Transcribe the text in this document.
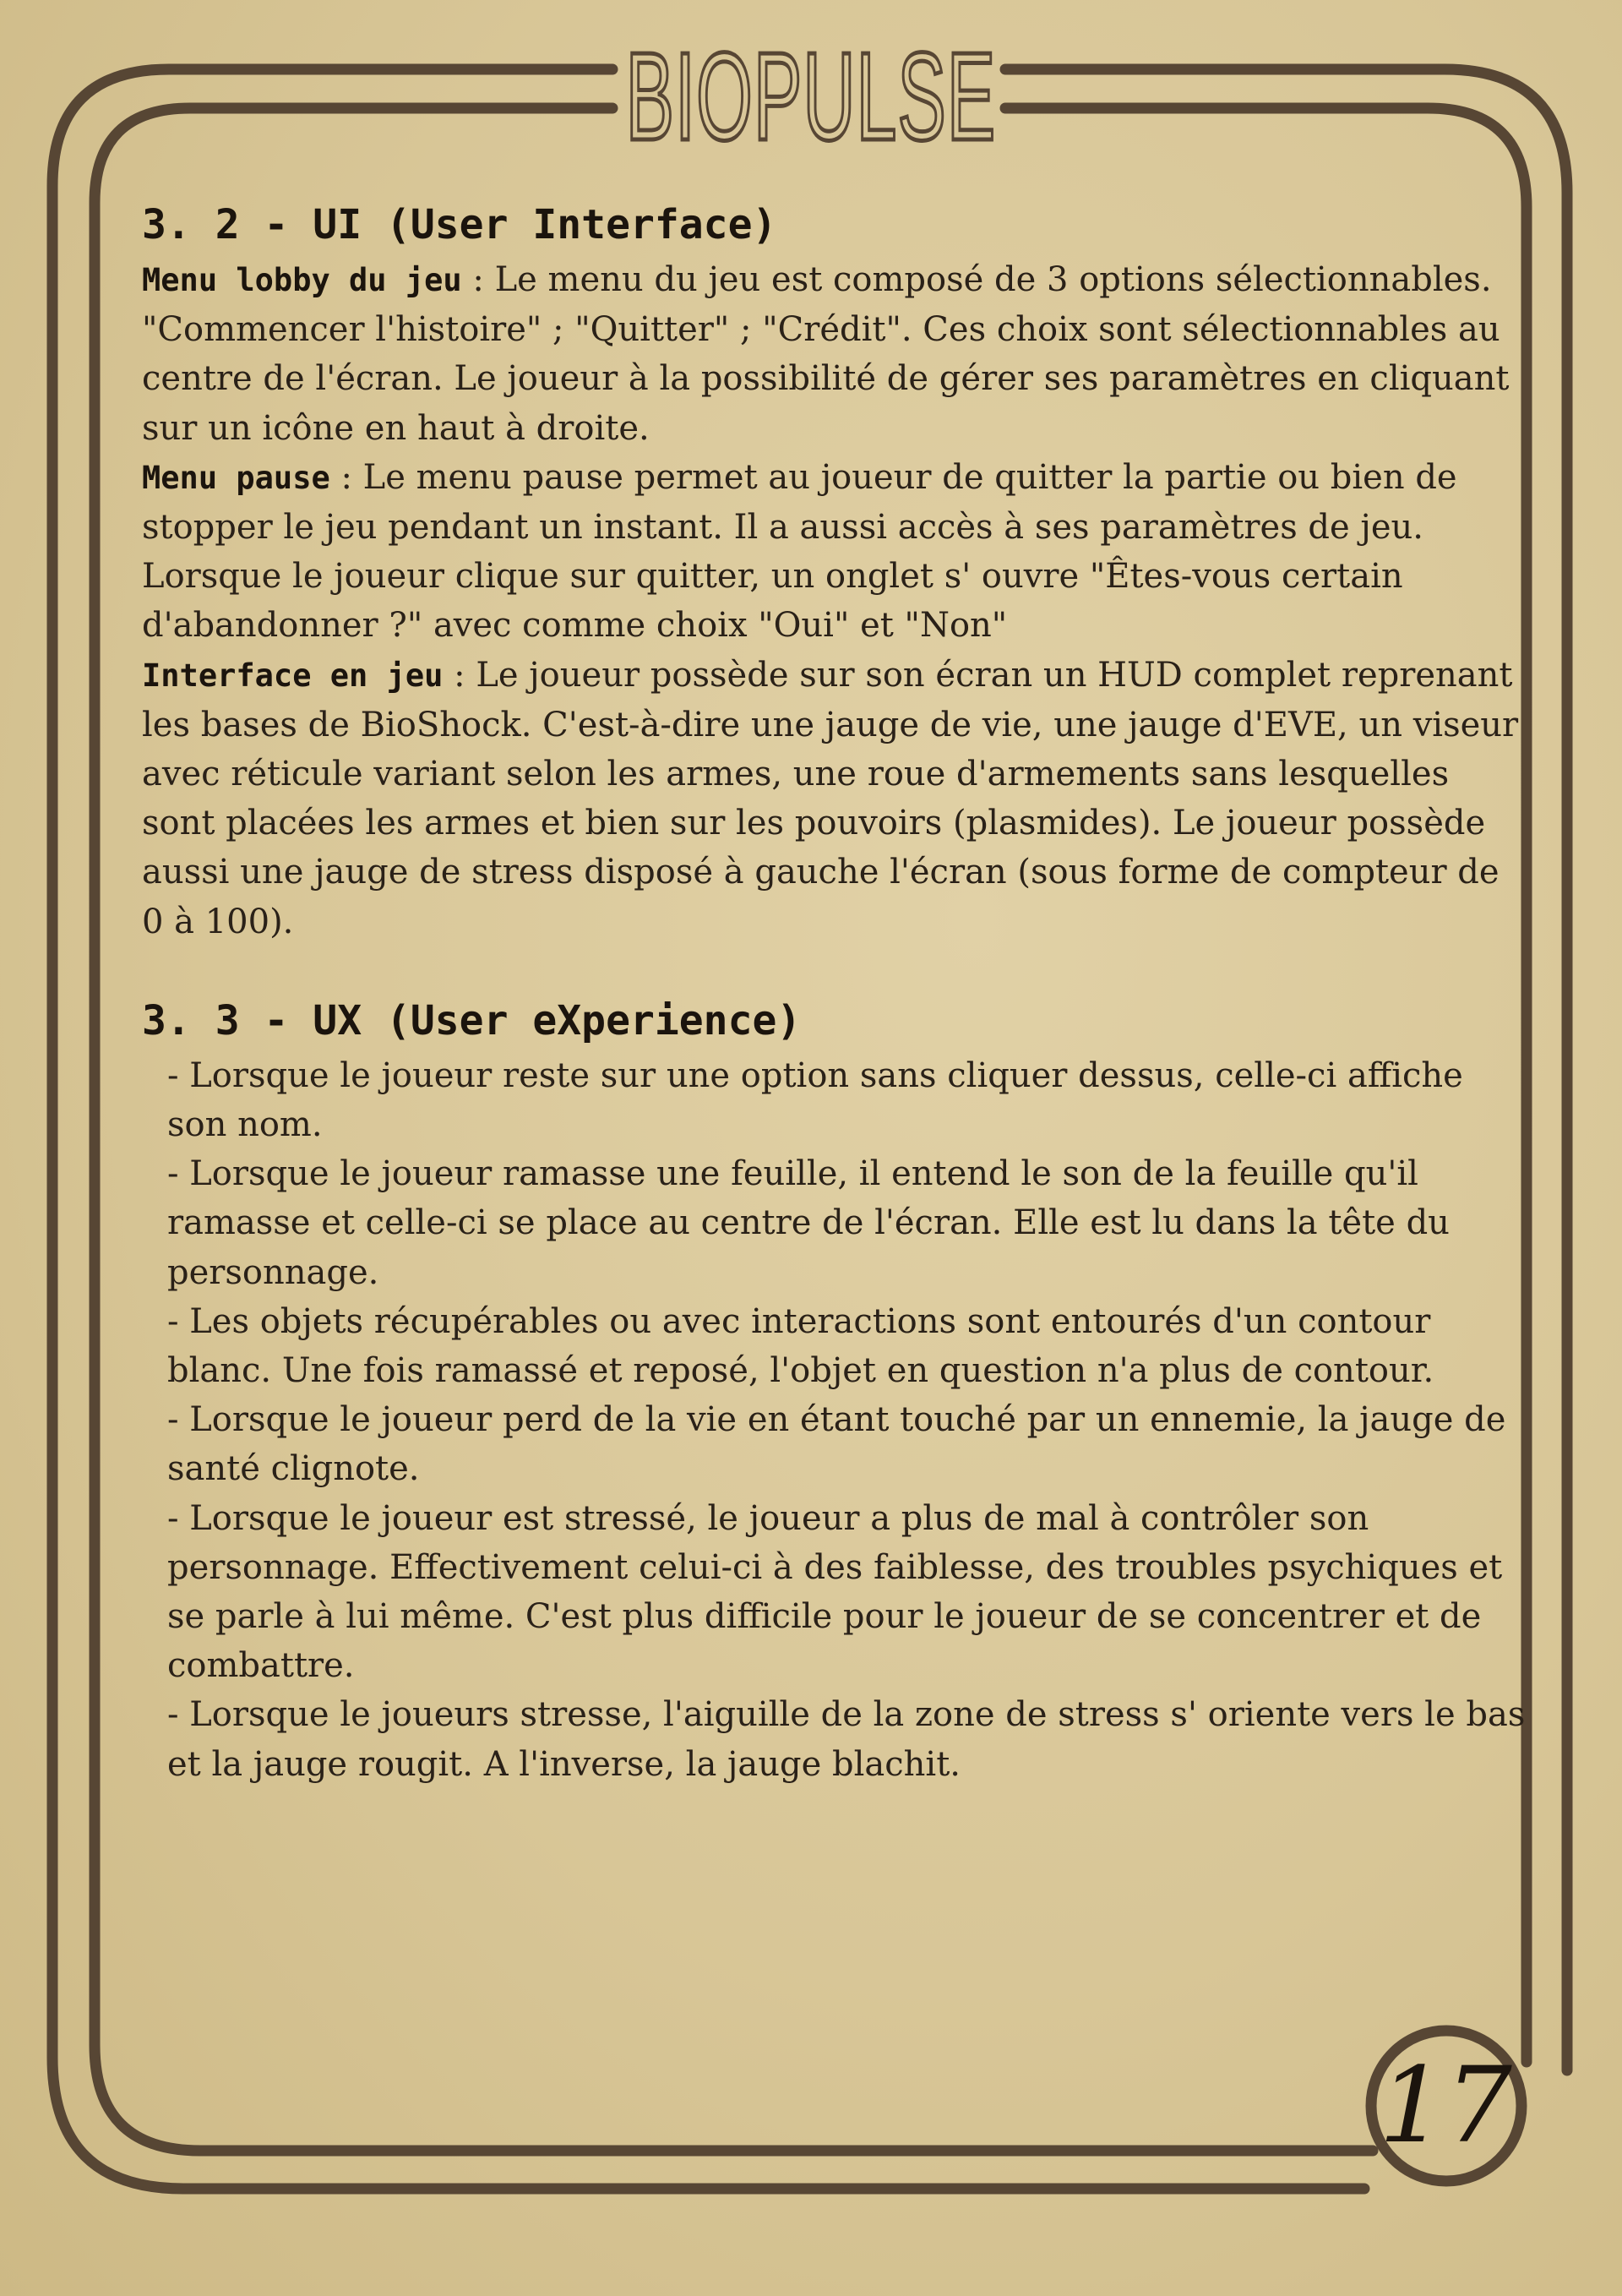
BIOPULSE
3. 2 - UI (User Interface)

Menu lobby du jeu : Le menu du jeu est composé de 3 options sélectionnables. "Commencer l'histoire" ; "Quitter" ; "Crédit". Ces choix sont sélectionnables au centre de l'écran. Le joueur à la possibilité de gérer ses paramètres en cliquant sur un icône en haut à droite.

Menu pause : Le menu pause permet au joueur de quitter la partie ou bien de stopper le jeu pendant un instant. Il a aussi accès à ses paramètres de jeu. Lorsque le joueur clique sur quitter, un onglet s' ouvre "Êtes-vous certain d'abandonner ?" avec comme choix "Oui" et "Non"

Interface en jeu : Le joueur possède sur son écran un HUD complet reprenant les bases de BioShock. C'est-à-dire une jauge de vie, une jauge d'EVE, un viseur avec réticule variant selon les armes, une roue d'armements sans lesquelles sont placées les armes et bien sur les pouvoirs (plasmides). Le joueur possède aussi une jauge de stress disposé à gauche l'écran (sous forme de compteur de 0 à 100).

3. 3 - UX (User eXperience)

- Lorsque le joueur reste sur une option sans cliquer dessus, celle-ci affiche son nom.

- Lorsque le joueur ramasse une feuille, il entend le son de la feuille qu'il ramasse et celle-ci se place au centre de l'écran. Elle est lu dans la tête du personnage.

- Les objets récupérables ou avec interactions sont entourés d'un contour blanc. Une fois ramassé et reposé, l'objet en question n'a plus de contour.

- Lorsque le joueur perd de la vie en étant touché par un ennemie, la jauge de santé clignote.

- Lorsque le joueur est stressé, le joueur a plus de mal à contrôler son personnage. Effectivement celui-ci à des faiblesse, des troubles psychiques et se parle à lui même. C'est plus difficile pour le joueur de se concentrer et de combattre.

- Lorsque le joueurs stresse, l'aiguille de la zone de stress s' oriente vers le bas et la jauge rougit. A l'inverse, la jauge blachit.

17
